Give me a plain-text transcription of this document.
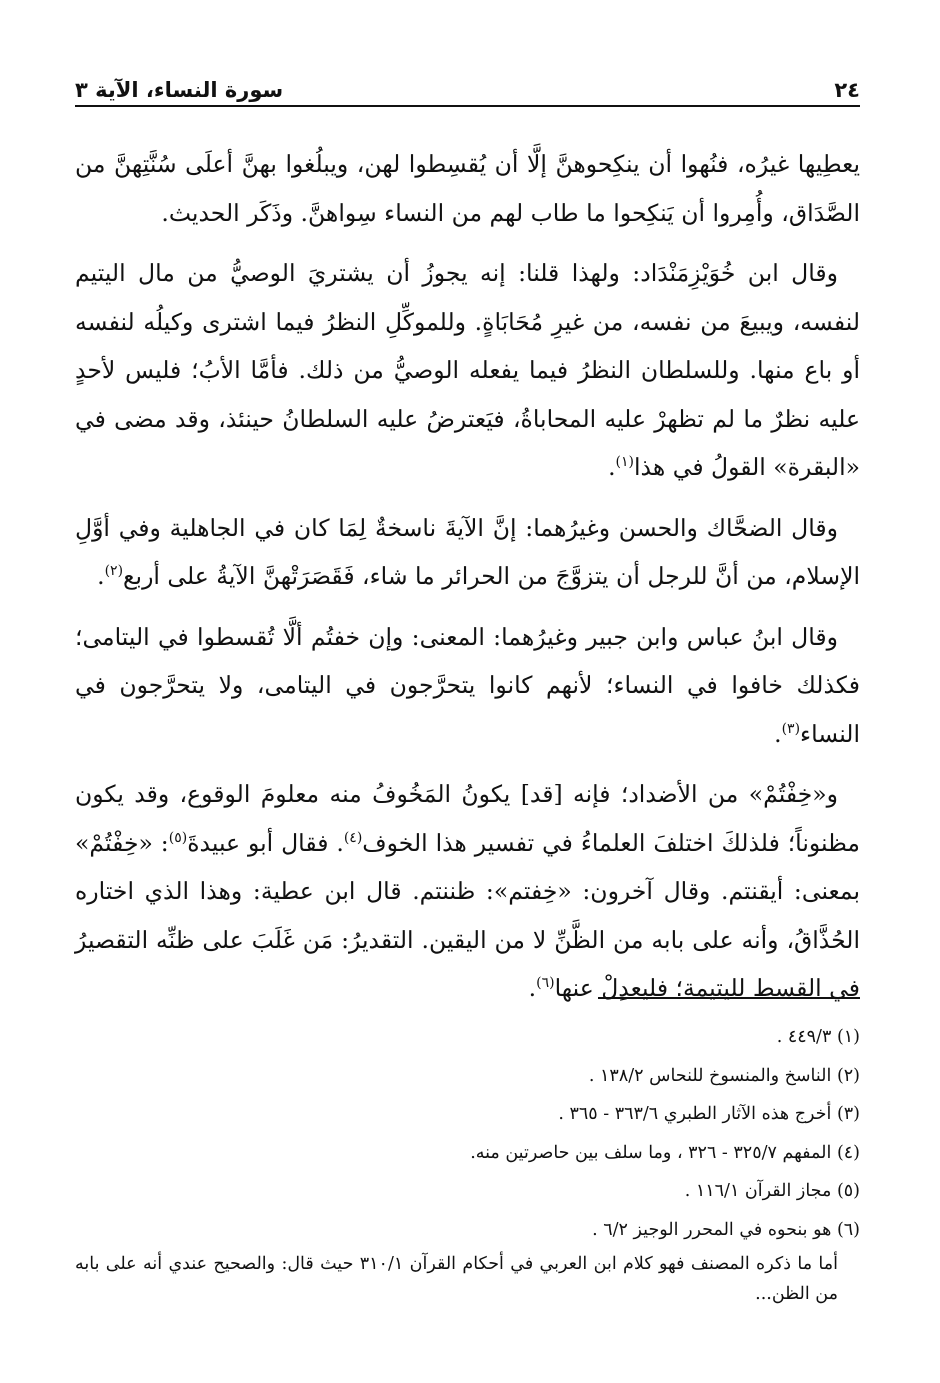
٢٤
سورة النساء، الآية ٣

يعطِيها غيرُه، فنُهوا أن ينكِحوهنَّ إلَّا أن يُقسِطوا لهن، ويبلُغوا بهنَّ أعلَى سُنَّتِهنَّ من الصَّدَاق، وأُمِروا أن يَنكِحوا ما طاب لهم من النساء سِواهنَّ. وذَكَر الحديث.

وقال ابن خُوَيْزِمَنْدَاد: ولهذا قلنا: إنه يجوزُ أن يشتريَ الوصيُّ من مال اليتيم لنفسه، ويبيعَ من نفسه، من غيرِ مُحَابَاةٍ. وللموكِّلِ النظرُ فيما اشترى وكيلُه لنفسه أو باع منها. وللسلطان النظرُ فيما يفعله الوصيُّ من ذلك. فأمَّا الأبُ؛ فليس لأحدٍ عليه نظرٌ ما لم تظهرْ عليه المحاباةُ، فيَعترضُ عليه السلطانُ حينئذ، وقد مضى في «البقرة» القولُ في هذا$^{(١)}$.

وقال الضحَّاك والحسن وغيرُهما: إنَّ الآيةَ ناسخةٌ لِمَا كان في الجاهلية وفي أوَّلِ الإسلام، من أنَّ للرجل أن يتزوَّجَ من الحرائر ما شاء، فَقَصَرَتْهنَّ الآيةُ على أربع$^{(٢)}$.

وقال ابنُ عباس وابن جبير وغيرُهما: المعنى: وإن خفتُم ألَّا تُقسطوا في اليتامى؛ فكذلك خافوا في النساء؛ لأنهم كانوا يتحرَّجون في اليتامى، ولا يتحرَّجون في النساء$^{(٣)}$.

و«خِفْتُمْ» من الأضداد؛ فإنه [قد] يكونُ المَخُوفُ منه معلومَ الوقوع، وقد يكون مظنوناً؛ فلذلكَ اختلفَ العلماءُ في تفسير هذا الخوف$^{(٤)}$. فقال أبو عبيدةَ$^{(٥)}$: «خِفْتُمْ» بمعنى: أيقنتم. وقال آخرون: «خِفتم»: ظننتم. قال ابن عطية: وهذا الذي اختاره الحُذَّاقُ، وأنه على بابه من الظَّنِّ لا من اليقين. التقديرُ: مَن غَلَبَ على ظنِّه التقصيرُ في القسط لليتيمة؛ فليعدِلْ عنها$^{(٦)}$.

(١) ٤٤٩/٣ .

(٢) الناسخ والمنسوخ للنحاس ١٣٨/٢ .

(٣) أخرج هذه الآثار الطبري ٣٦٣/٦ - ٣٦٥ .

(٤) المفهم ٣٢٥/٧ - ٣٢٦ ، وما سلف بين حاصرتين منه.

(٥) مجاز القرآن ١١٦/١ .

(٦) هو بنحوه في المحرر الوجيز ٦/٢ .

أما ما ذكره المصنف فهو كلام ابن العربي في أحكام القرآن ٣١٠/١ حيث قال: والصحيح عندي أنه على بابه من الظن...
